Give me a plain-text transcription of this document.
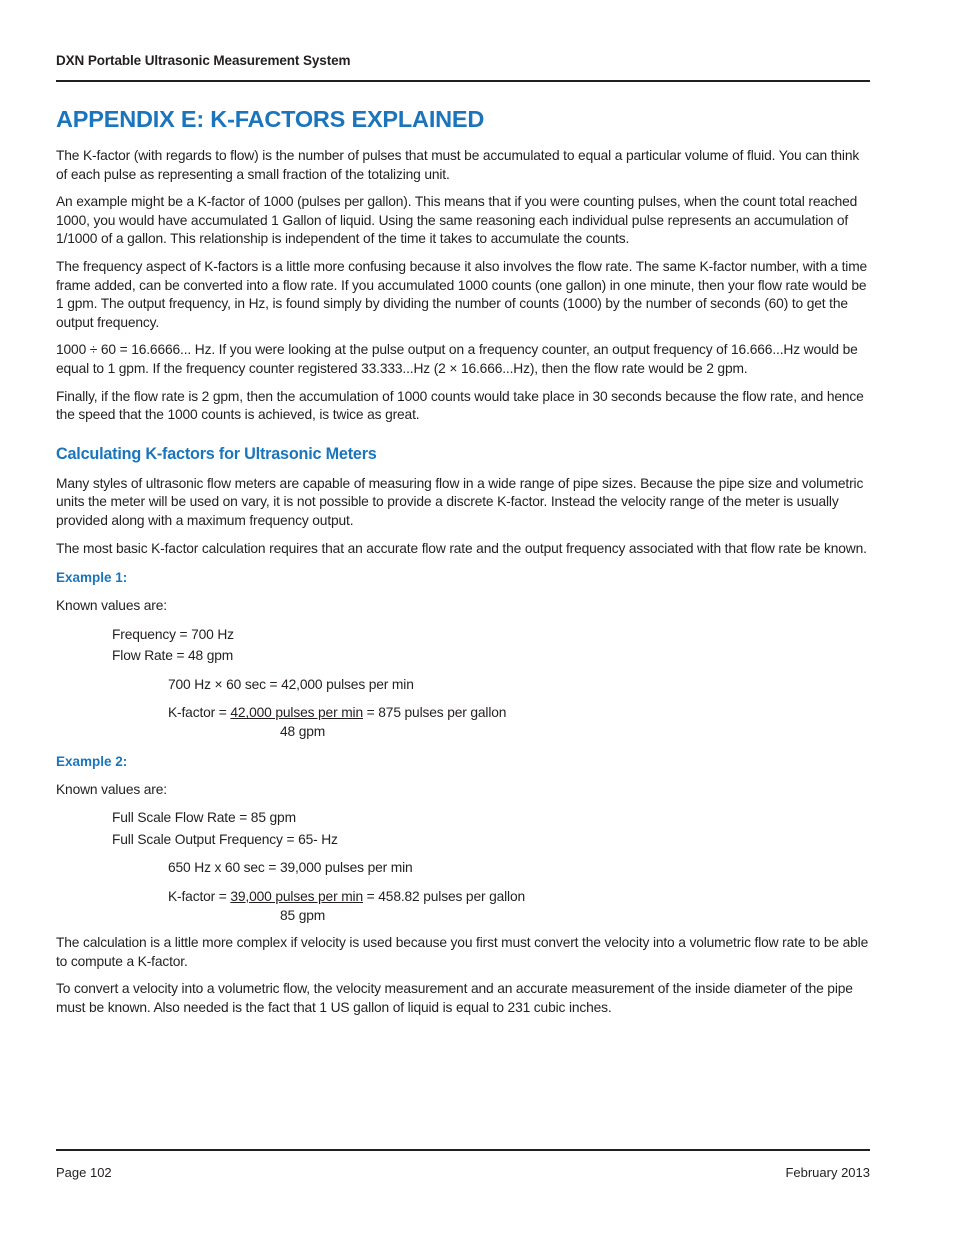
DXN Portable Ultrasonic Measurement System
APPENDIX E: K-FACTORS EXPLAINED

The K-factor (with regards to flow) is the number of pulses that must be accumulated to equal a particular volume of fluid. You can think of each pulse as representing a small fraction of the totalizing unit.

An example might be a K-factor of 1000 (pulses per gallon). This means that if you were counting pulses, when the count total reached 1000, you would have accumulated 1 Gallon of liquid. Using the same reasoning each individual pulse represents an accumulation of 1/1000 of a gallon. This relationship is independent of the time it takes to accumulate the counts.

The frequency aspect of K-factors is a little more confusing because it also involves the flow rate. The same K-factor number, with a time frame added, can be converted into a flow rate. If you accumulated 1000 counts (one gallon) in one minute, then your flow rate would be 1 gpm. The output frequency, in Hz, is found simply by dividing the number of counts (1000) by the number of seconds (60) to get the output frequency.

1000 ÷ 60 = 16.6666... Hz. If you were looking at the pulse output on a frequency counter, an output frequency of 16.666...Hz would be equal to 1 gpm. If the frequency counter registered 33.333...Hz (2 × 16.666...Hz), then the flow rate would be 2 gpm.

Finally, if the flow rate is 2 gpm, then the accumulation of 1000 counts would take place in 30 seconds because the flow rate, and hence the speed that the 1000 counts is achieved, is twice as great.

Calculating K-factors for Ultrasonic Meters

Many styles of ultrasonic flow meters are capable of measuring flow in a wide range of pipe sizes. Because the pipe size and volumetric units the meter will be used on vary, it is not possible to provide a discrete K-factor. Instead the velocity range of the meter is usually provided along with a maximum frequency output.

The most basic K-factor calculation requires that an accurate flow rate and the output frequency associated with that flow rate be known.

Example 1:

Known values are:

Frequency = 700 Hz

Flow Rate = 48 gpm

700 Hz × 60 sec = 42,000 pulses per min

K-factor = 42,000 pulses per min = 875 pulses per gallon
48 gpm

Example 2:

Known values are:

Full Scale Flow Rate = 85 gpm

Full Scale Output Frequency = 65- Hz

650 Hz x 60 sec = 39,000 pulses per min

K-factor = 39,000 pulses per min = 458.82 pulses per gallon
85 gpm

The calculation is a little more complex if velocity is used because you first must convert the velocity into a volumetric flow rate to be able to compute a K-factor.

To convert a velocity into a volumetric flow, the velocity measurement and an accurate measurement of the inside diameter of the pipe must be known. Also needed is the fact that 1 US gallon of liquid is equal to 231 cubic inches.

Page 102	February 2013
